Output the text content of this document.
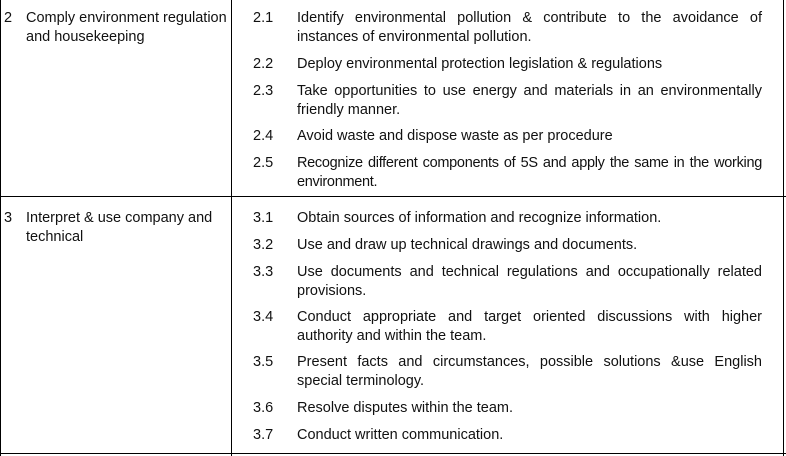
2 Comply environment regulation and housekeeping
2.1	Identify environmental pollution & contribute to the avoidance of instances of environmental pollution.
2.2	Deploy environmental protection legislation & regulations
2.3	Take opportunities to use energy and materials in an environmentally friendly manner.
2.4	Avoid waste and dispose waste as per procedure
2.5	Recognize different components of 5S and apply the same in the working environment.
3 Interpret & use company and technical
3.1	Obtain sources of information and recognize information.
3.2	Use and draw up technical drawings and documents.
3.3	Use documents and technical regulations and occupationally related provisions.
3.4	Conduct appropriate and target oriented discussions with higher authority and within the team.
3.5	Present facts and circumstances, possible solutions &use English special terminology.
3.6	Resolve disputes within the team.
3.7	Conduct written communication.
